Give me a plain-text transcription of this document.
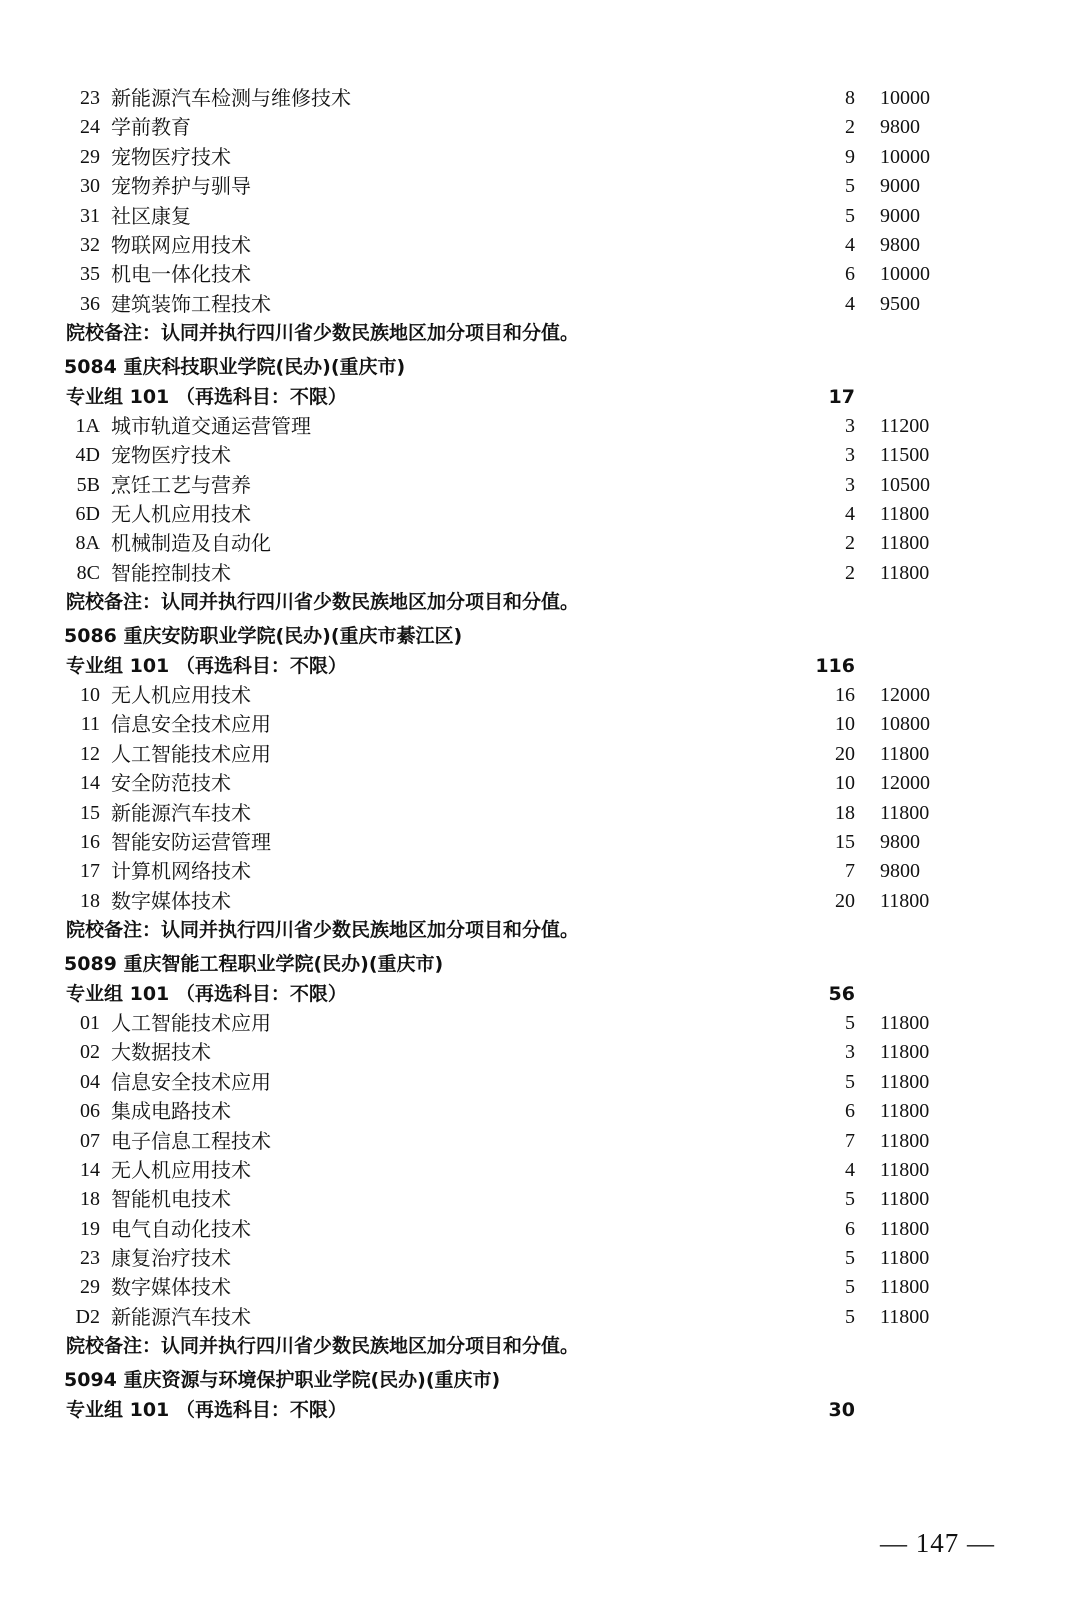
23 新能源汽车检测与维修技术	8 10000
24 学前教育	2 9800
29 宠物医疗技术	9 10000
30 宠物养护与驯导	5 9000
31 社区康复	5 9000
32 物联网应用技术	4 9800
35 机电一体化技术	6 10000
36 建筑装饰工程技术	4 9500
院校备注：认同并执行四川省少数民族地区加分项目和分值。
5084 重庆科技职业学院(民办)(重庆市)
专业组 101 （再选科目：不限）	17
1A 城市轨道交通运营管理	3 11200
4D 宠物医疗技术	3 11500
5B 烹饪工艺与营养	3 10500
6D 无人机应用技术	4 11800
8A 机械制造及自动化	2 11800
8C 智能控制技术	2 11800
院校备注：认同并执行四川省少数民族地区加分项目和分值。
5086 重庆安防职业学院(民办)(重庆市綦江区)
专业组 101 （再选科目：不限）	116
10 无人机应用技术	16 12000
11 信息安全技术应用	10 10800
12 人工智能技术应用	20 11800
14 安全防范技术	10 12000
15 新能源汽车技术	18 11800
16 智能安防运营管理	15 9800
17 计算机网络技术	7 9800
18 数字媒体技术	20 11800
院校备注：认同并执行四川省少数民族地区加分项目和分值。
5089 重庆智能工程职业学院(民办)(重庆市)
专业组 101 （再选科目：不限）	56
01 人工智能技术应用	5 11800
02 大数据技术	3 11800
04 信息安全技术应用	5 11800
06 集成电路技术	6 11800
07 电子信息工程技术	7 11800
14 无人机应用技术	4 11800
18 智能机电技术	5 11800
19 电气自动化技术	6 11800
23 康复治疗技术	5 11800
29 数字媒体技术	5 11800
D2 新能源汽车技术	5 11800
院校备注：认同并执行四川省少数民族地区加分项目和分值。
5094 重庆资源与环境保护职业学院(民办)(重庆市)
专业组 101 （再选科目：不限）	30
— 147 —
